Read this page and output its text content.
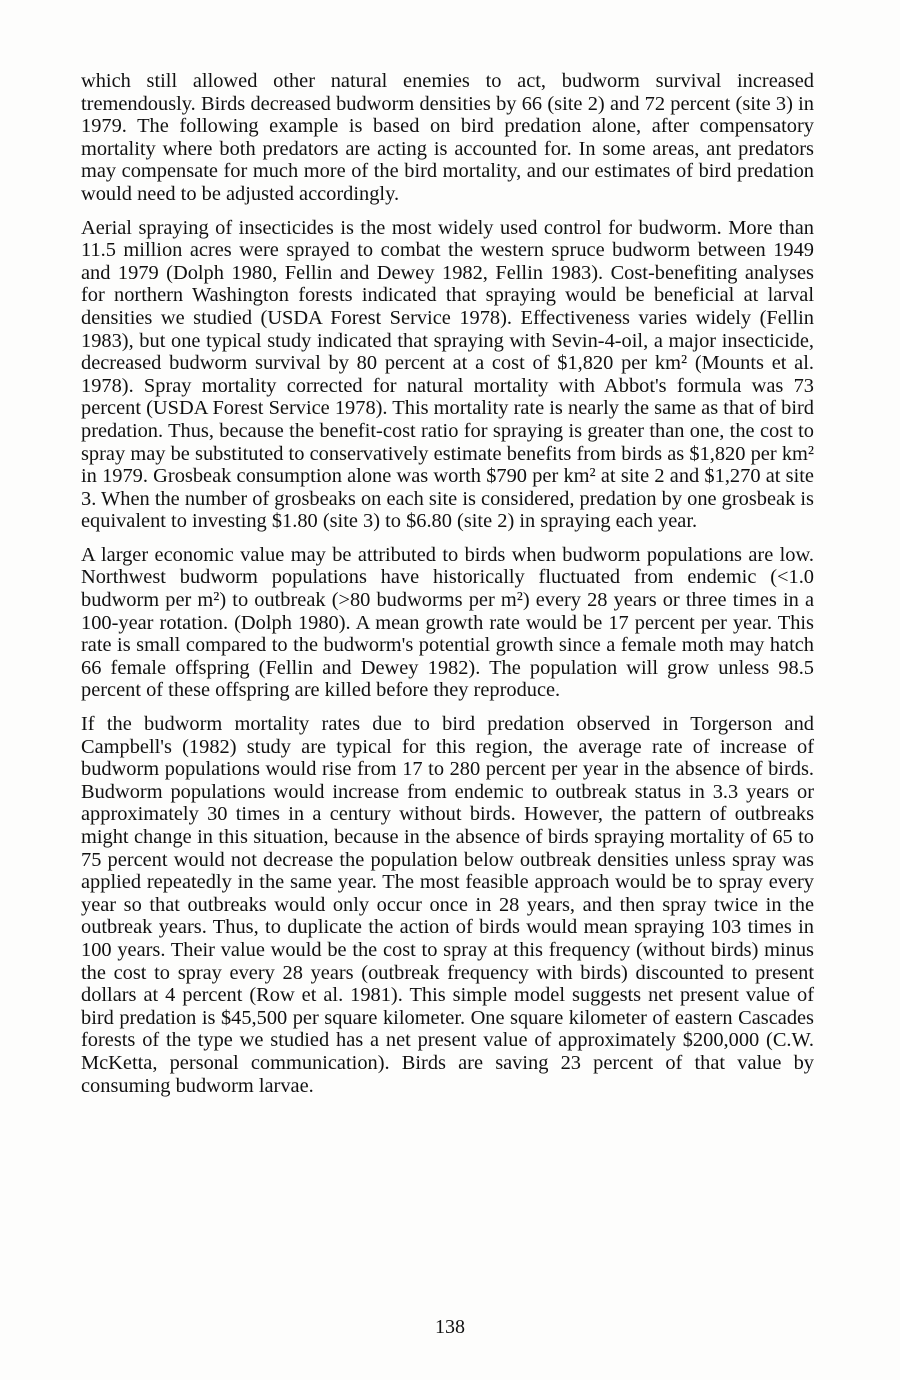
which still allowed other natural enemies to act, budworm survival increased tremendously. Birds decreased budworm densities by 66 (site 2) and 72 percent (site 3) in 1979. The following example is based on bird predation alone, after compensatory mortality where both predators are acting is accounted for. In some areas, ant predators may compensate for much more of the bird mortality, and our estimates of bird predation would need to be adjusted accordingly.

Aerial spraying of insecticides is the most widely used control for budworm. More than 11.5 million acres were sprayed to combat the western spruce budworm between 1949 and 1979 (Dolph 1980, Fellin and Dewey 1982, Fellin 1983). Cost-benefiting analyses for northern Washington forests indicated that spraying would be beneficial at larval densities we studied (USDA Forest Service 1978). Effectiveness varies widely (Fellin 1983), but one typical study indicated that spraying with Sevin-4-oil, a major insecticide, decreased budworm survival by 80 percent at a cost of $1,820 per km² (Mounts et al. 1978). Spray mortality corrected for natural mortality with Abbot's formula was 73 percent (USDA Forest Service 1978). This mortality rate is nearly the same as that of bird predation. Thus, because the benefit-cost ratio for spraying is greater than one, the cost to spray may be substituted to conservatively estimate benefits from birds as $1,820 per km² in 1979. Grosbeak consumption alone was worth $790 per km² at site 2 and $1,270 at site 3. When the number of grosbeaks on each site is considered, predation by one grosbeak is equivalent to investing $1.80 (site 3) to $6.80 (site 2) in spraying each year.

A larger economic value may be attributed to birds when budworm populations are low. Northwest budworm populations have historically fluctuated from endemic (<1.0 budworm per m²) to outbreak (>80 budworms per m²) every 28 years or three times in a 100-year rotation. (Dolph 1980). A mean growth rate would be 17 percent per year. This rate is small compared to the budworm's potential growth since a female moth may hatch 66 female offspring (Fellin and Dewey 1982). The population will grow unless 98.5 percent of these offspring are killed before they reproduce.

If the budworm mortality rates due to bird predation observed in Torgerson and Campbell's (1982) study are typical for this region, the average rate of increase of budworm populations would rise from 17 to 280 percent per year in the absence of birds. Budworm populations would increase from endemic to outbreak status in 3.3 years or approximately 30 times in a century without birds. However, the pattern of outbreaks might change in this situation, because in the absence of birds spraying mortality of 65 to 75 percent would not decrease the population below outbreak densities unless spray was applied repeatedly in the same year. The most feasible approach would be to spray every year so that outbreaks would only occur once in 28 years, and then spray twice in the outbreak years. Thus, to duplicate the action of birds would mean spraying 103 times in 100 years. Their value would be the cost to spray at this frequency (without birds) minus the cost to spray every 28 years (outbreak frequency with birds) discounted to present dollars at 4 percent (Row et al. 1981). This simple model suggests net present value of bird predation is $45,500 per square kilometer. One square kilometer of eastern Cascades forests of the type we studied has a net present value of approximately $200,000 (C.W. McKetta, personal communication). Birds are saving 23 percent of that value by consuming budworm larvae.

138
